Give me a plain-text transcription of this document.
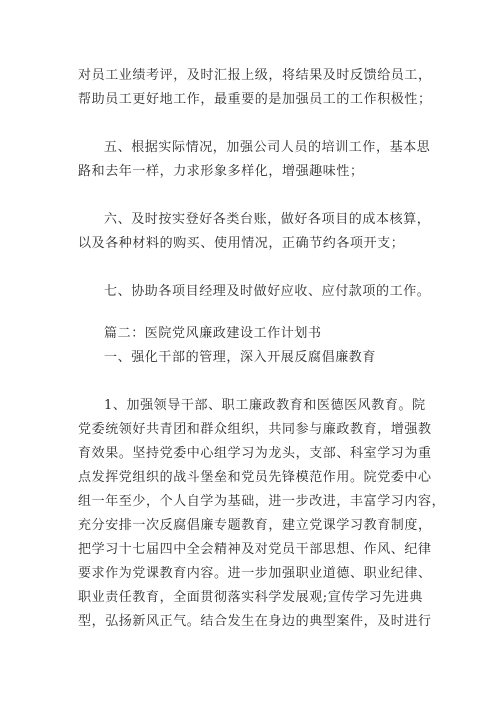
对员工业绩考评，及时汇报上级，将结果及时反馈给员工，
帮助员工更好地工作，最重要的是加强员工的工作积极性；
五、根据实际情况，加强公司人员的培训工作，基本思
路和去年一样，力求形象多样化，增强趣味性；
六、及时按实登好各类台账，做好各项目的成本核算，
以及各种材料的购买、使用情况，正确节约各项开支；
七、协助各项目经理及时做好应收、应付款项的工作。
篇二：医院党风廉政建设工作计划书
一、强化干部的管理，深入开展反腐倡廉教育
1、加强领导干部、职工廉政教育和医德医风教育。院
党委统领好共青团和群众组织，共同参与廉政教育，增强教
育效果。坚持党委中心组学习为龙头，支部、科室学习为重
点发挥党组织的战斗堡垒和党员先锋模范作用。院党委中心
组一年至少，个人自学为基础，进一步改进，丰富学习内容，
充分安排一次反腐倡廉专题教育，建立党课学习教育制度，
把学习十七届四中全会精神及对党员干部思想、作风、纪律
要求作为党课教育内容。进一步加强职业道德、职业纪律、
职业责任教育，全面贯彻落实科学发展观;宣传学习先进典
型，弘扬新风正气。结合发生在身边的典型案件，及时进行
